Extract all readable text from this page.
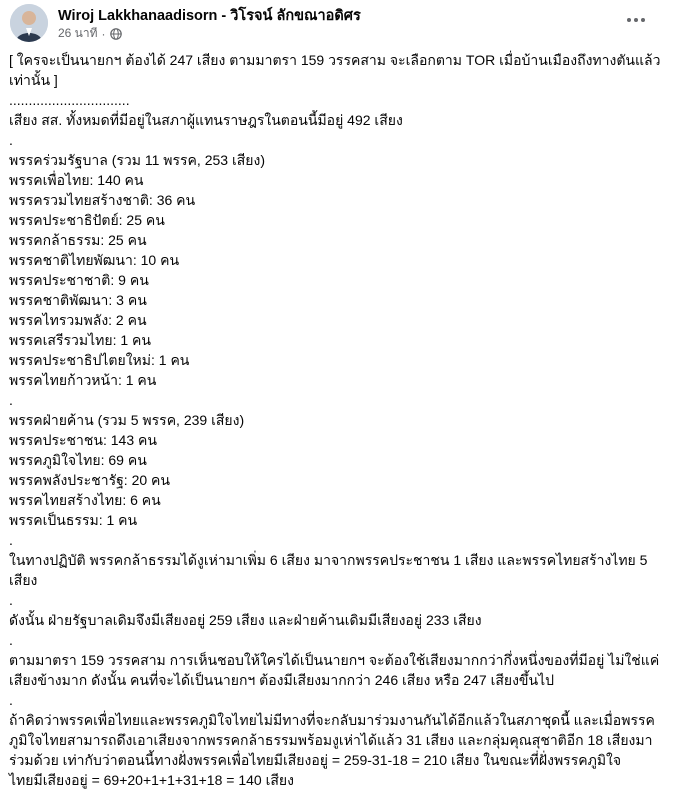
Wiroj Lakkhanaadisorn - วิโรจน์ ลักขณาอดิศร
26 นาที ·

[ ใครจะเป็นนายกฯ ต้องได้ 247 เสียง ตามมาตรา 159 วรรคสาม จะเลือกตาม TOR เมื่อบ้านเมืองถึงทางตันแล้ว

เท่านั้น ]

...............................

เสียง สส. ทั้งหมดที่มีอยู่ในสภาผู้แทนราษฎรในตอนนี้มีอยู่ 492 เสียง

.

พรรคร่วมรัฐบาล (รวม 11 พรรค, 253 เสียง)

พรรคเพื่อไทย: 140 คน

พรรครวมไทยสร้างชาติ: 36 คน

พรรคประชาธิปัตย์: 25 คน

พรรคกล้าธรรม: 25 คน

พรรคชาติไทยพัฒนา: 10 คน

พรรคประชาชาติ: 9 คน

พรรคชาติพัฒนา: 3 คน

พรรคไทรวมพลัง: 2 คน

พรรคเสรีรวมไทย: 1 คน

พรรคประชาธิปไตยใหม่: 1 คน

พรรคไทยก้าวหน้า: 1 คน

.

พรรคฝ่ายค้าน (รวม 5 พรรค, 239 เสียง)

พรรคประชาชน: 143 คน

พรรคภูมิใจไทย: 69 คน

พรรคพลังประชารัฐ: 20 คน

พรรคไทยสร้างไทย: 6 คน

พรรคเป็นธรรม: 1 คน

.

ในทางปฏิบัติ พรรคกล้าธรรมได้งูเห่ามาเพิ่ม 6 เสียง มาจากพรรคประชาชน 1 เสียง และพรรคไทยสร้างไทย 5

เสียง

.

ดังนั้น ฝ่ายรัฐบาลเดิมจึงมีเสียงอยู่ 259 เสียง และฝ่ายค้านเดิมมีเสียงอยู่ 233 เสียง

.

ตามมาตรา 159 วรรคสาม การเห็นชอบให้ใครได้เป็นนายกฯ จะต้องใช้เสียงมากกว่ากึ่งหนึ่งของที่มีอยู่ ไม่ใช่แค่

เสียงข้างมาก ดังนั้น คนที่จะได้เป็นนายกฯ ต้องมีเสียงมากกว่า 246 เสียง หรือ 247 เสียงขึ้นไป

.

ถ้าคิดว่าพรรคเพื่อไทยและพรรคภูมิใจไทยไม่มีทางที่จะกลับมาร่วมงานกันได้อีกแล้วในสภาชุดนี้ และเมื่อพรรค

ภูมิใจไทยสามารถดึงเอาเสียงจากพรรคกล้าธรรมพร้อมงูเห่าได้แล้ว 31 เสียง และกลุ่มคุณสุชาติอีก 18 เสียงมา

ร่วมด้วย เท่ากับว่าตอนนี้ทางฝั่งพรรคเพื่อไทยมีเสียงอยู่ = 259-31-18 = 210 เสียง ในขณะที่ฝั่งพรรคภูมิใจ

ไทยมีเสียงอยู่ = 69+20+1+1+31+18 = 140 เสียง
